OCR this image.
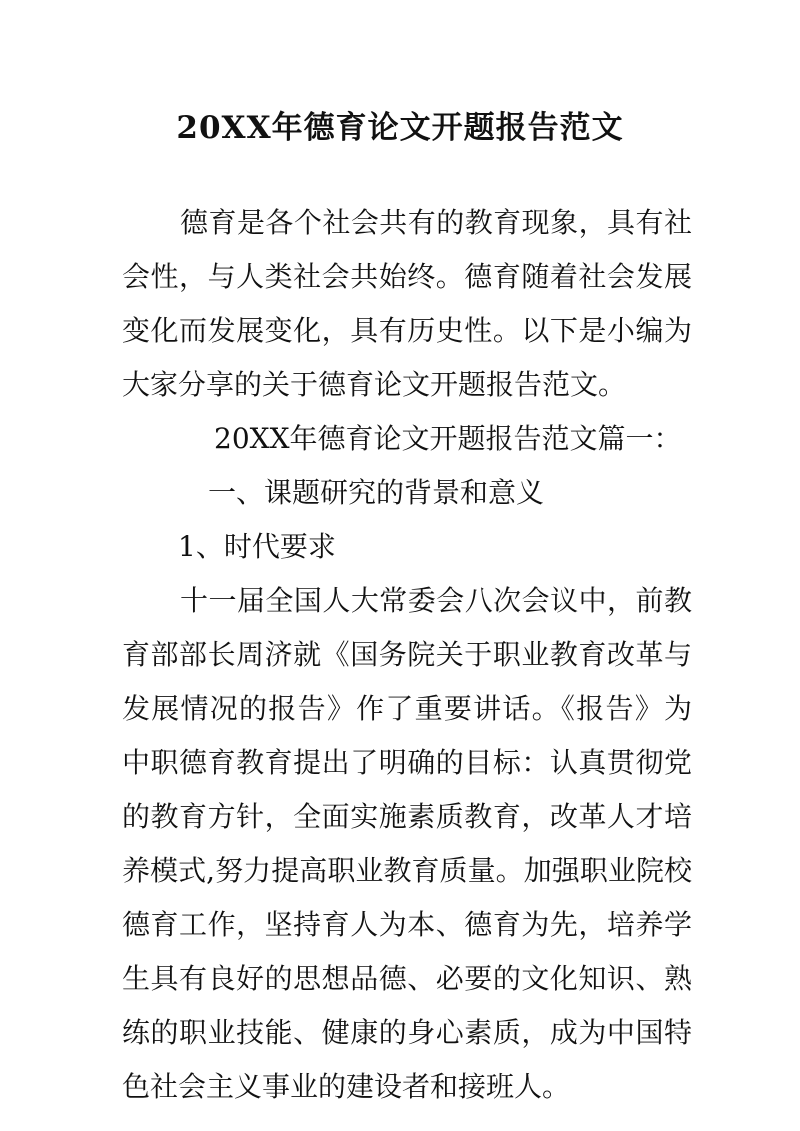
20XX年德育论文开题报告范文

德育是各个社会共有的教育现象，具有社会性，与人类社会共始终。德育随着社会发展变化而发展变化，具有历史性。以下是小编为大家分享的关于德育论文开题报告范文。

20XX年德育论文开题报告范文篇一：

一、课题研究的背景和意义

1、时代要求

十一届全国人大常委会八次会议中，前教育部部长周济就《国务院关于职业教育改革与发展情况的报告》作了重要讲话。《报告》为中职德育教育提出了明确的目标：认真贯彻党的教育方针，全面实施素质教育，改革人才培养模式,努力提高职业教育质量。加强职业院校德育工作，坚持育人为本、德育为先，培养学生具有良好的思想品德、必要的文化知识、熟练的职业技能、健康的身心素质，成为中国特色社会主义事业的建设者和接班人。
